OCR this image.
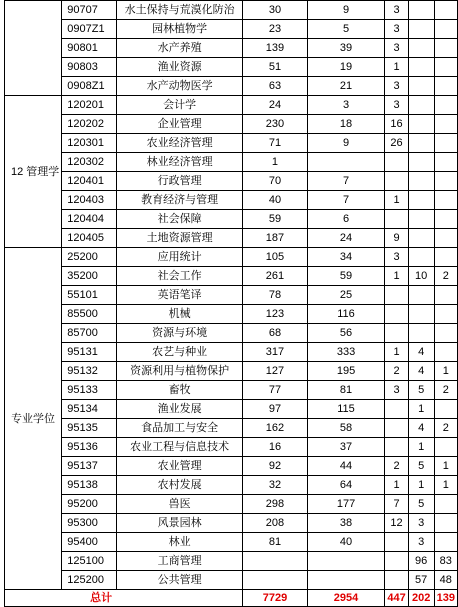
	90707	水土保持与荒漠化防治	30	9	3		
	0907Z1	园林植物学	23	5	3		
	90801	水产养殖	139	39	3		
	90803	渔业资源	51	19	1		
	0908Z1	水产动物医学	63	21	3		
12 管理学	120201	会计学	24	3	3		
	120202	企业管理	230	18	16		
	120301	农业经济管理	71	9	26		
	120302	林业经济管理	1				
	120401	行政管理	70	7			
	120403	教育经济与管理	40	7	1		
	120404	社会保障	59	6			
	120405	土地资源管理	187	24	9		
专业学位	25200	应用统计	105	34	3		
	35200	社会工作	261	59	1	10	2
	55101	英语笔译	78	25			
	85500	机械	123	116			
	85700	资源与环境	68	56			
	95131	农艺与种业	317	333	1	4	
	95132	资源利用与植物保护	127	195	2	4	1
	95133	畜牧	77	81	3	5	2
	95134	渔业发展	97	115		1	
	95135	食品加工与安全	162	58		4	2
	95136	农业工程与信息技术	16	37		1	
	95137	农业管理	92	44	2	5	1
	95138	农村发展	32	64	1	1	1
	95200	兽医	298	177	7	5	
	95300	风景园林	208	38	12	3	
	95400	林业	81	40		3	
	125100	工商管理				96	83
	125200	公共管理				57	48
总计			7729	2954	447	202	139
